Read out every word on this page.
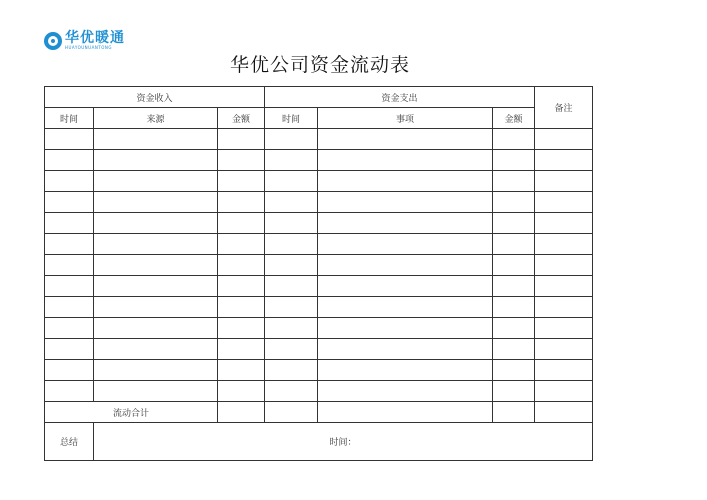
华优暖通
HUAYOUNUANTONG
华优公司资金流动表
资金收入			资金支出			备注
时间	来源	金额	时间	事项	金额	

流动合计						
总结	时间：					
